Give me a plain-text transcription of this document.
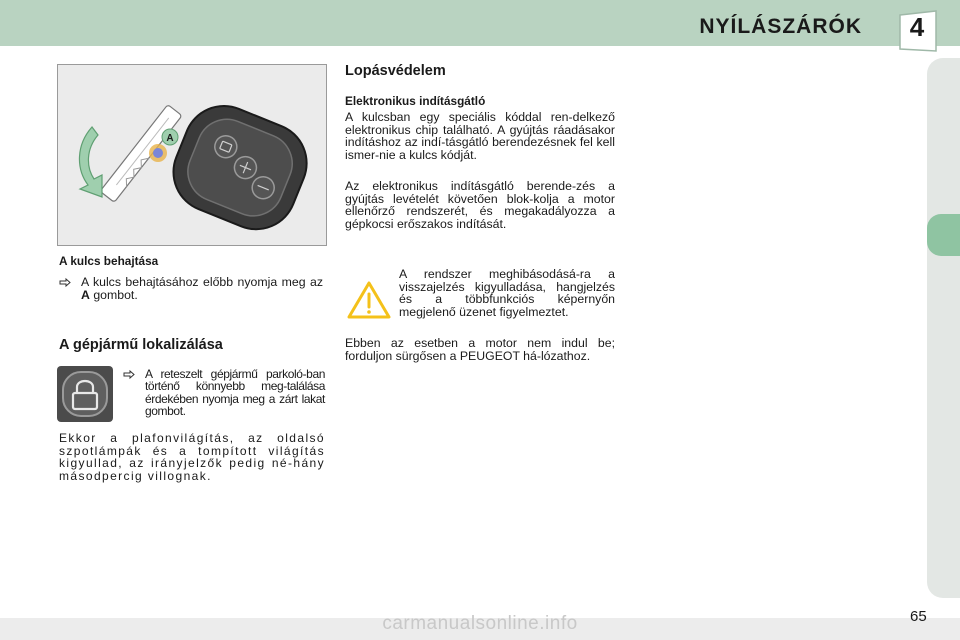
NYÍLÁSZÁRÓK	4
A
A kulcs behajtása
A kulcs behajtásához előbb nyomja meg az A gombot.
A gépjármű lokalizálása
A reteszelt gépjármű parkoló-ban történő könnyebb meg-találása érdekében nyomja meg a zárt lakat gombot.
Ekkor a plafonvilágítás, az oldalsó szpotlámpák és a tompított világítás kigyullad, az irányjelzők pedig né-hány másodpercig villognak.
Lopásvédelem
Elektronikus indításgátló
A kulcsban egy speciális kóddal ren-delkező elektronikus chip található. A gyújtás ráadásakor indításhoz az indí-tásgátló berendezésnek fel kell ismer-nie a kulcs kódját.
Az elektronikus indításgátló berende-zés a gyújtás levételét követően blok-kolja a motor ellenőrző rendszerét, és megakadályozza a gépkocsi erőszakos indítását.
A rendszer meghibásodásá-ra a visszajelzés kigyulladása, hangjelzés és a többfunkciós képernyőn megjelenő üzenet figyelmeztet.
Ebben az esetben a motor nem indul be; forduljon sürgősen a PEUGEOT há-lózathoz.
65
carmanualsonline.info
